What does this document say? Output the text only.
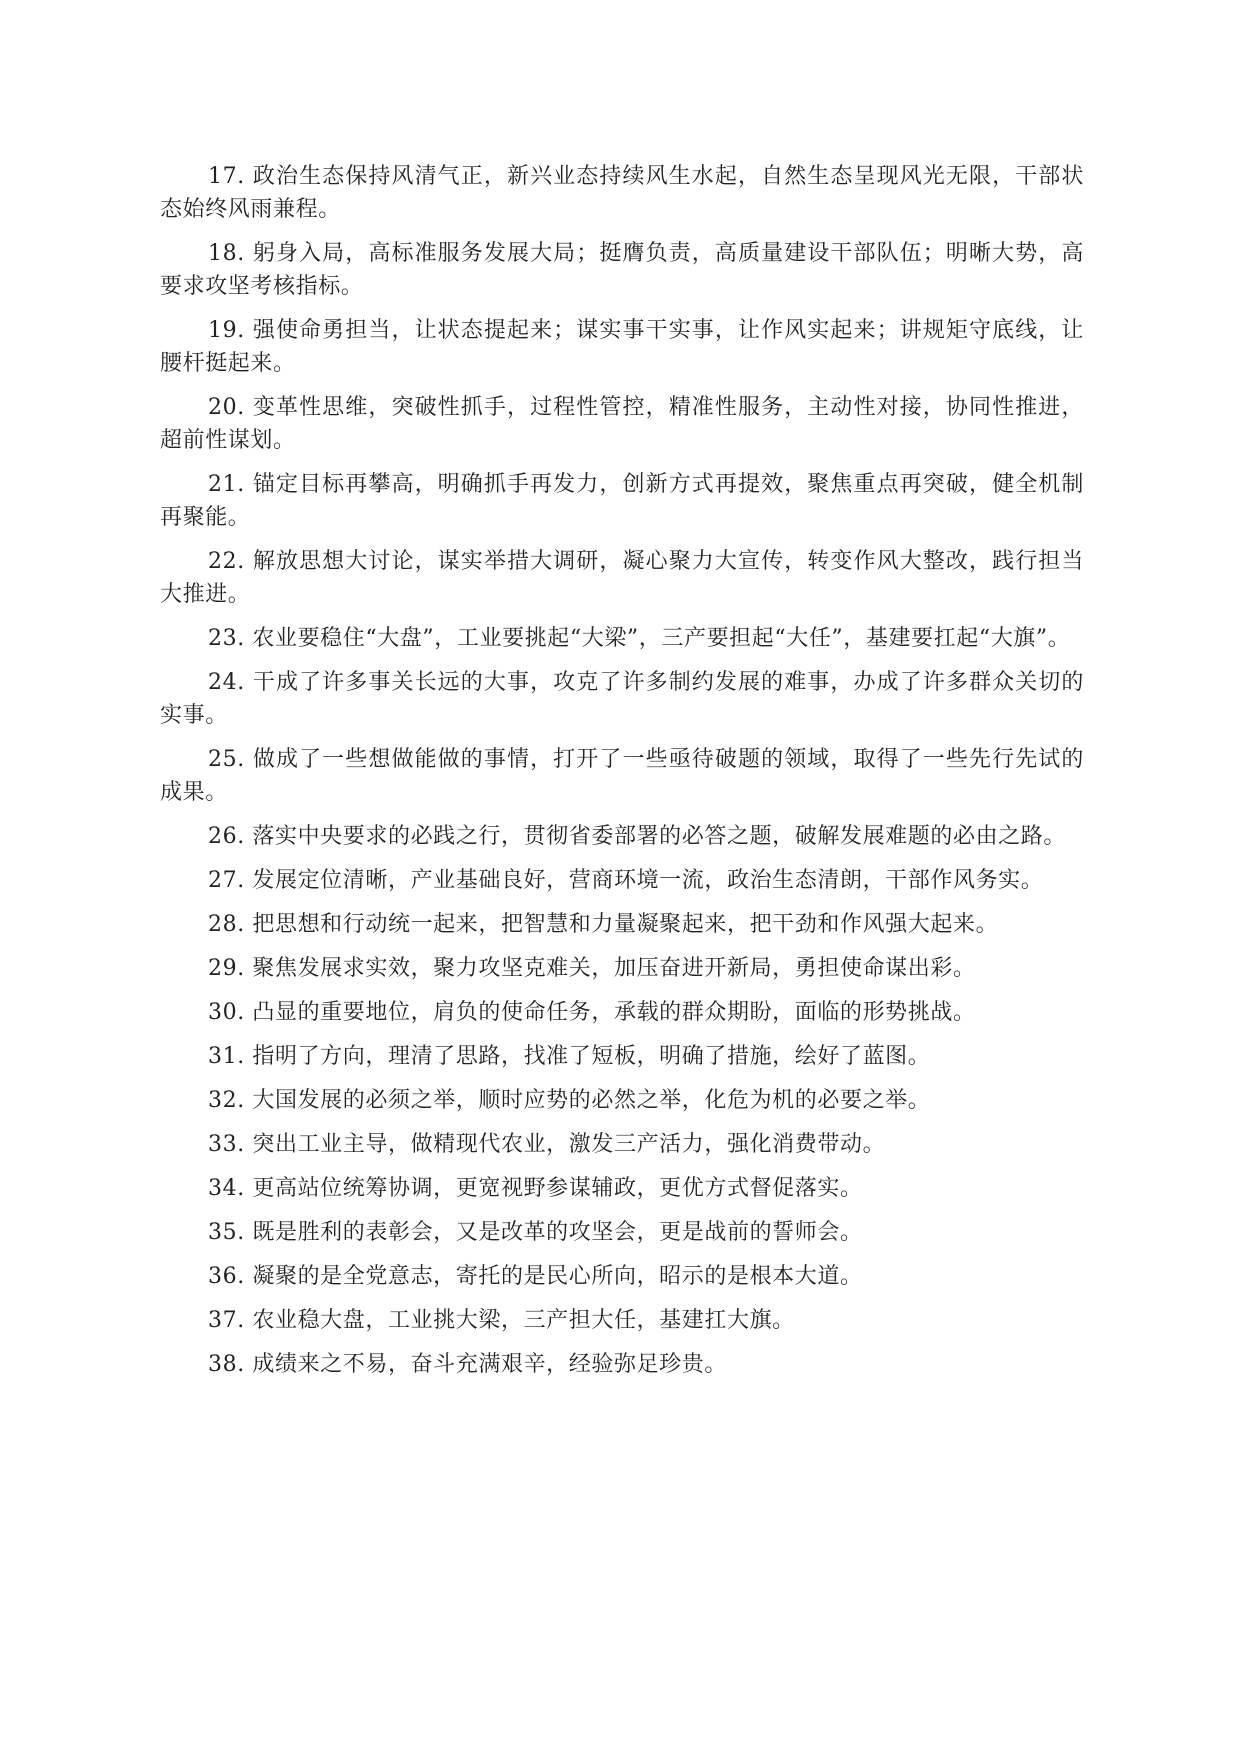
17. 政治生态保持风清气正，新兴业态持续风生水起，自然生态呈现风光无限，干部状态始终风雨兼程。

18. 躬身入局，高标准服务发展大局；挺膺负责，高质量建设干部队伍；明晰大势，高要求攻坚考核指标。

19. 强使命勇担当，让状态提起来；谋实事干实事，让作风实起来；讲规矩守底线，让腰杆挺起来。

20. 变革性思维，突破性抓手，过程性管控，精准性服务，主动性对接，协同性推进，超前性谋划。

21. 锚定目标再攀高，明确抓手再发力，创新方式再提效，聚焦重点再突破，健全机制再聚能。

22. 解放思想大讨论，谋实举措大调研，凝心聚力大宣传，转变作风大整改，践行担当大推进。

23. 农业要稳住“大盘”，工业要挑起“大梁”，三产要担起“大任”，基建要扛起“大旗”。

24. 干成了许多事关长远的大事，攻克了许多制约发展的难事，办成了许多群众关切的实事。

25. 做成了一些想做能做的事情，打开了一些亟待破题的领域，取得了一些先行先试的成果。

26. 落实中央要求的必践之行，贯彻省委部署的必答之题，破解发展难题的必由之路。

27. 发展定位清晰，产业基础良好，营商环境一流，政治生态清朗，干部作风务实。

28. 把思想和行动统一起来，把智慧和力量凝聚起来，把干劲和作风强大起来。

29. 聚焦发展求实效，聚力攻坚克难关，加压奋进开新局，勇担使命谋出彩。

30. 凸显的重要地位，肩负的使命任务，承载的群众期盼，面临的形势挑战。

31. 指明了方向，理清了思路，找准了短板，明确了措施，绘好了蓝图。

32. 大国发展的必须之举，顺时应势的必然之举，化危为机的必要之举。

33. 突出工业主导，做精现代农业，激发三产活力，强化消费带动。

34. 更高站位统筹协调，更宽视野参谋辅政，更优方式督促落实。

35. 既是胜利的表彰会，又是改革的攻坚会，更是战前的誓师会。

36. 凝聚的是全党意志，寄托的是民心所向，昭示的是根本大道。

37. 农业稳大盘，工业挑大梁，三产担大任，基建扛大旗。

38. 成绩来之不易，奋斗充满艰辛，经验弥足珍贵。
